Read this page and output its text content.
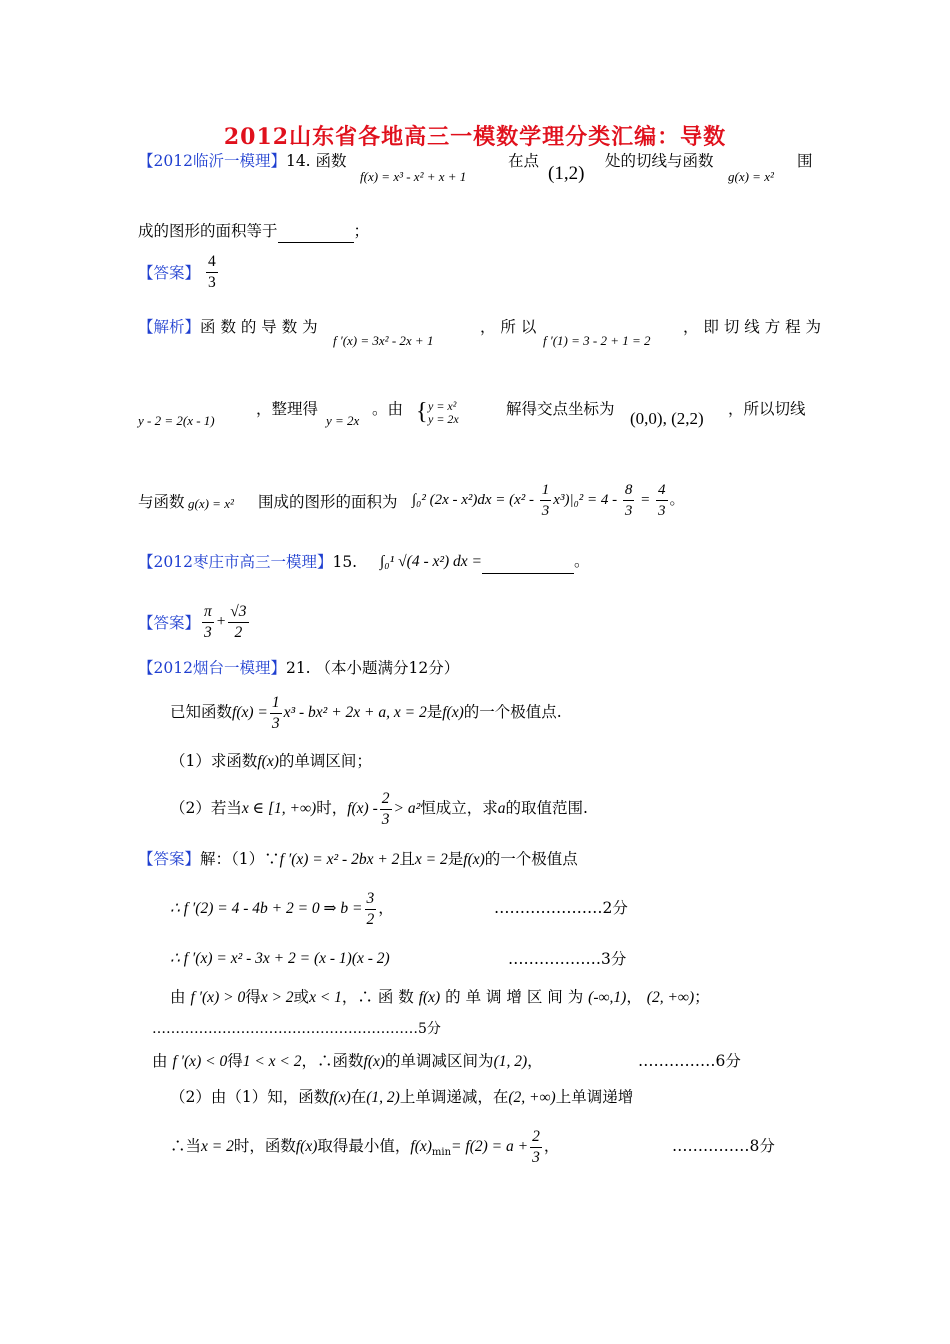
2012山东省各地高三一模数学理分类汇编：导数
【2012临沂一模理】14. 函数
f(x) = x³ - x² + x + 1
在点
(1,2)
处的切线与函数
g(x) = x²
围
成的图形的面积等于	；
【答案】 $\frac{4}{3}$
【解析】函 数 的 导 数 为
f ′(x) = 3x² - 2x + 1
， 所 以
f ′(1) = 3 - 2 + 1 = 2
， 即 切 线 方 程 为
y - 2 = 2(x - 1)
，整理得
y = 2x
。由 { y = x²
y = 2x
解得交点坐标为 (0,0), (2,2) ，所以切线
与函数 g(x) = x² 围成的图形的面积为 ∫₀² $(2x - x^2)dx = (x^2 - \frac{1}{3} x^3)|_0^2 = 4 - \frac{8}{3} = \frac{4}{3}$ 。
【2012枣庄市高三一模理】15. ∫₀¹ √(4 - x²) dx =	。
【答案】 $\frac{\pi}{3} + \frac{√3}{2}$
【2012烟台一模理】21. （本小题满分12分）
已知函数$f(x) = \frac{1}{3} x^3 - bx^2 + 2x + a$, x = 2是f(x)的一个极值点.
（1）求函数f(x)的单调区间；
（2）若当x ∈ [1, +∞)时，$f(x) - \frac{2}{3} > a^2$恒成立，求a的取值范围.
【答案】解：（1）∵f ′(x) = x² - 2bx + 2且x = 2是f(x)的一个极值点
∴ f ′(2) = 4 - 4b + 2 = 0 ⇒ $b = \frac{3}{2}$ ，	…………………2分
∴ f ′(x) = x² - 3x + 2 = (x - 1)(x - 2)	………………3分
由 f ′(x) > 0得x > 2或x < 1，∴ 函 数 f(x) 的 单 调 增 区 间 为 (-∞,1)， (2, +∞)；
…………………………………………………5分
由 f ′(x) < 0得1 < x < 2，∴函数f(x)的单调减区间为(1, 2)，	……………6分
（2）由（1）知，函数f(x)在(1, 2)上单调递减，在(2, +∞)上单调递增
∴当x = 2时，函数f(x)取得最小值，$f(x)_{min}= f(2) = a + \frac{2}{3}$ ，	……………8分
